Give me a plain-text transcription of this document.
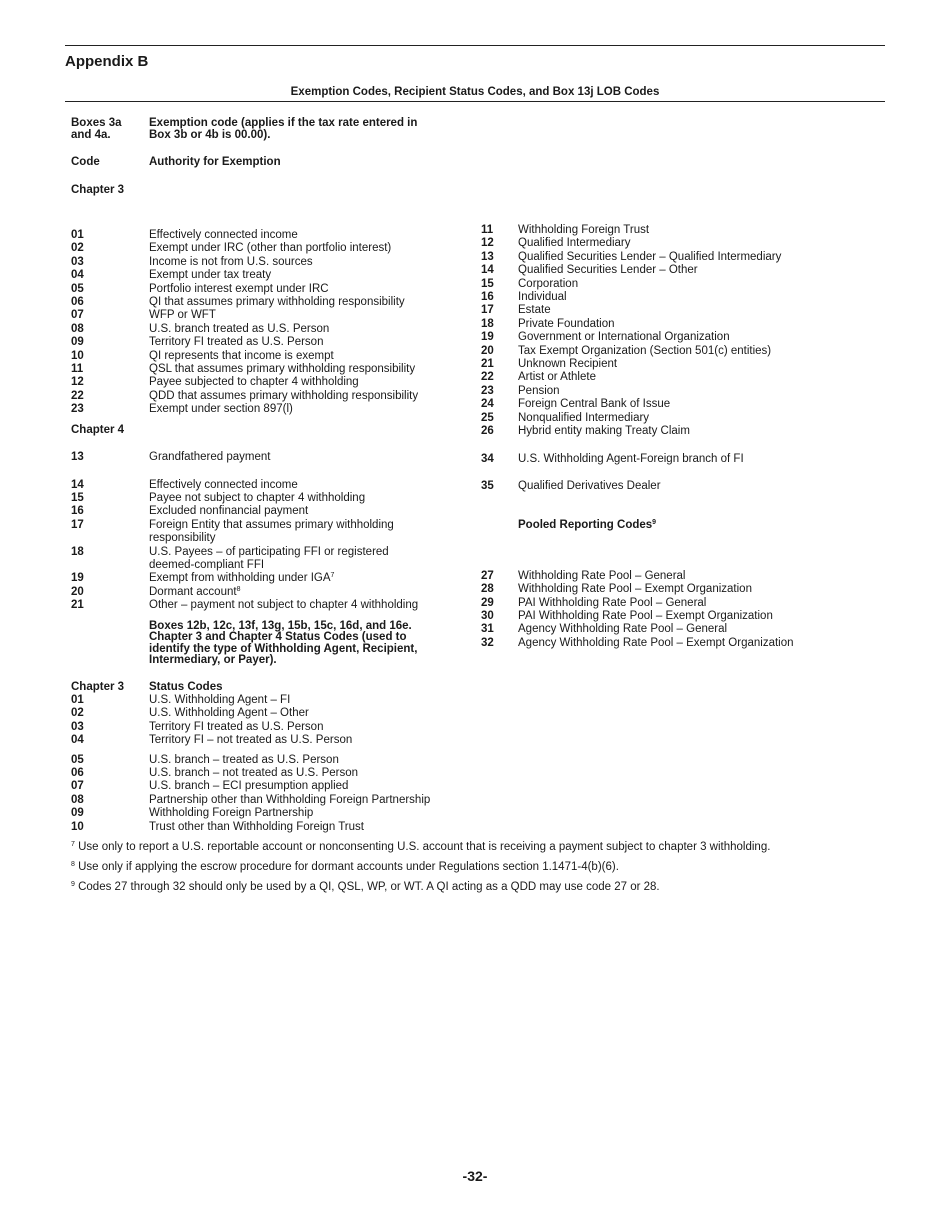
Appendix B
Exemption Codes, Recipient Status Codes, and Box 13j LOB Codes
Boxes 3a
and 4a.
Exemption code (applies if the tax rate entered in
Box 3b or 4b is 00.00).
Code	Authority for Exemption
Chapter 3
01	Effectively connected income
02	Exempt under IRC (other than portfolio interest)
03	Income is not from U.S. sources
04	Exempt under tax treaty
05	Portfolio interest exempt under IRC
06	QI that assumes primary withholding responsibility
07	WFP or WFT
08	U.S. branch treated as U.S. Person
09	Territory FI treated as U.S. Person
10	QI represents that income is exempt
11	QSL that assumes primary withholding responsibility
12	Payee subjected to chapter 4 withholding
22	QDD that assumes primary withholding responsibility
23	Exempt under section 897(l)
Chapter 4
13	Grandfathered payment
14	Effectively connected income
15	Payee not subject to chapter 4 withholding
16	Excluded nonfinancial payment
17	Foreign Entity that assumes primary withholding
responsibility
18	U.S. Payees – of participating FFI or registered
deemed-compliant FFI
19	Exempt from withholding under IGA$^7$
20	Dormant account$^8$
21	Other – payment not subject to chapter 4 withholding
Boxes 12b, 12c, 13f, 13g, 15b, 15c, 16d, and 16e.
Chapter 3 and Chapter 4 Status Codes (used to
identify the type of Withholding Agent, Recipient,
Intermediary, or Payer).
Chapter 3	Status Codes
01	U.S. Withholding Agent – FI
02	U.S. Withholding Agent – Other
03	Territory FI treated as U.S. Person
04	Territory FI – not treated as U.S. Person
05	U.S. branch – treated as U.S. Person
06	U.S. branch – not treated as U.S. Person
07	U.S. branch – ECI presumption applied
08	Partnership other than Withholding Foreign Partnership
09	Withholding Foreign Partnership
10	Trust other than Withholding Foreign Trust
11	Withholding Foreign Trust
12	Qualified Intermediary
13	Qualified Securities Lender – Qualified Intermediary
14	Qualified Securities Lender – Other
15	Corporation
16	Individual
17	Estate
18	Private Foundation
19	Government or International Organization
20	Tax Exempt Organization (Section 501(c) entities)
21	Unknown Recipient
22	Artist or Athlete
23	Pension
24	Foreign Central Bank of Issue
25	Nonqualified Intermediary
26	Hybrid entity making Treaty Claim
34	U.S. Withholding Agent-Foreign branch of FI
35	Qualified Derivatives Dealer
Pooled Reporting Codes$^9$
27	Withholding Rate Pool – General
28	Withholding Rate Pool – Exempt Organization
29	PAI Withholding Rate Pool – General
30	PAI Withholding Rate Pool – Exempt Organization
31	Agency Withholding Rate Pool – General
32	Agency Withholding Rate Pool – Exempt Organization

$^7$ Use only to report a U.S. reportable account or nonconsenting U.S. account that is receiving a payment subject to chapter 3 withholding.

$^8$ Use only if applying the escrow procedure for dormant accounts under Regulations section 1.1471-4(b)(6).

$^9$ Codes 27 through 32 should only be used by a QI, QSL, WP, or WT. A QI acting as a QDD may use code 27 or 28.

-32-
